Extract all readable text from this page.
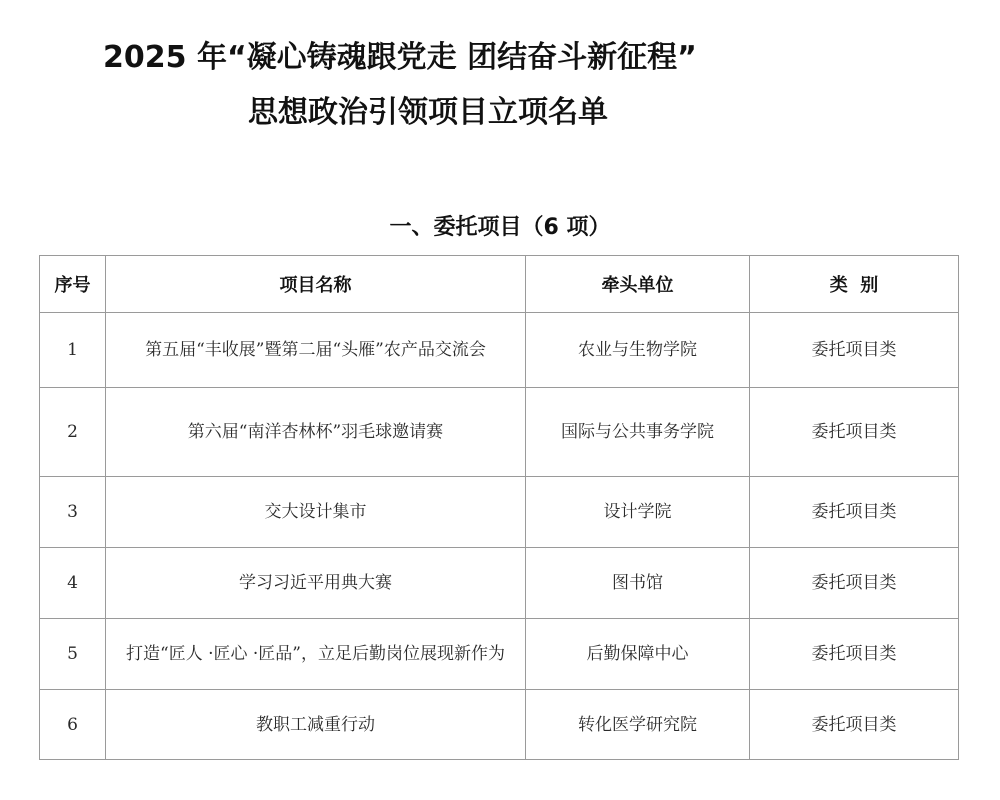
2025 年“凝心铸魂跟党走 团结奋斗新征程”
思想政治引领项目立项名单
一、委托项目（6 项）
序号	项目名称	牵头单位	类  别
1	第五届“丰收展”暨第二届“头雁”农产品交流会	农业与生物学院	委托项目类
2	第六届“南洋杏林杯”羽毛球邀请赛	国际与公共事务学院	委托项目类
3	交大设计集市	设计学院	委托项目类
4	学习习近平用典大赛	图书馆	委托项目类
5	打造“匠人 ·匠心 ·匠品”，立足后勤岗位展现新作为	后勤保障中心	委托项目类
6	教职工减重行动	转化医学研究院	委托项目类
